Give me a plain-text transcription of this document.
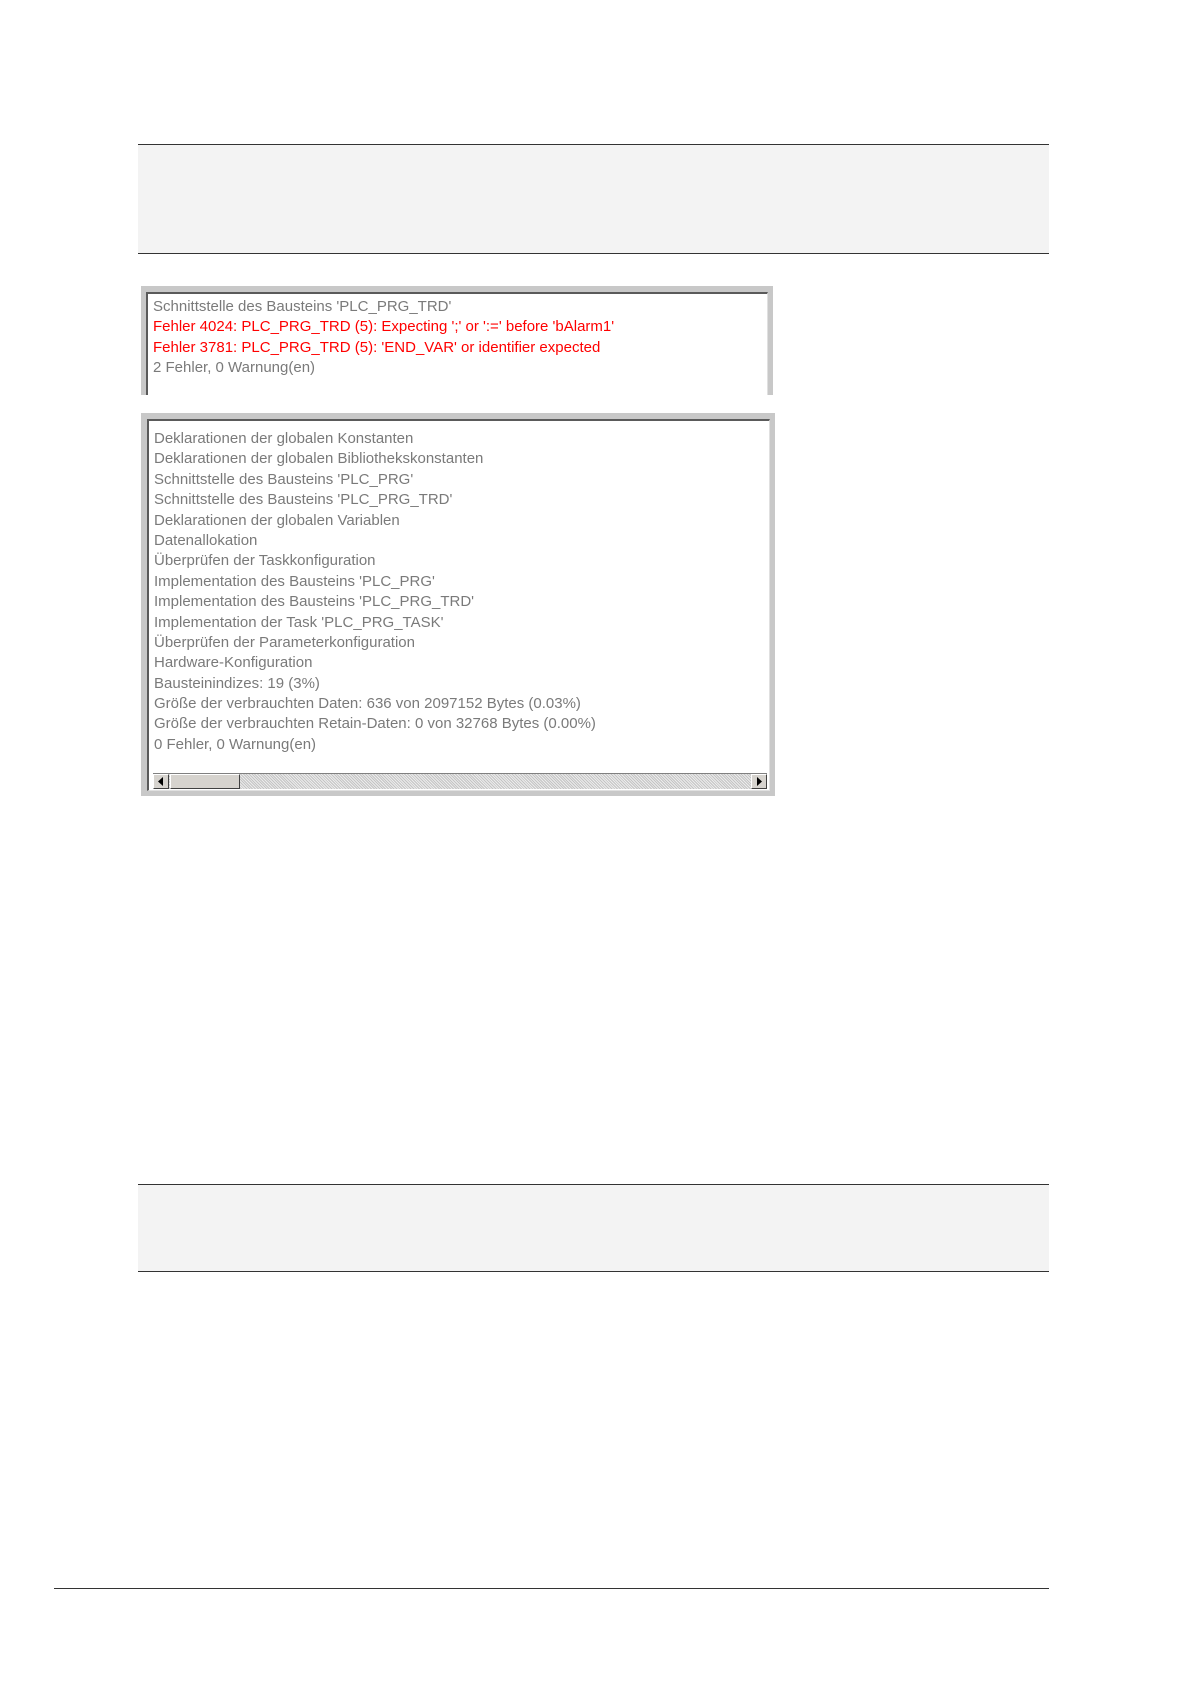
Schnittstelle des Bausteins 'PLC_PRG_TRD'
Fehler 4024: PLC_PRG_TRD (5): Expecting ';' or ':=' before 'bAlarm1'
Fehler 3781: PLC_PRG_TRD (5): 'END_VAR' or identifier expected
2 Fehler, 0 Warnung(en)
Deklarationen der globalen Konstanten
Deklarationen der globalen Bibliothekskonstanten
Schnittstelle des Bausteins 'PLC_PRG'
Schnittstelle des Bausteins 'PLC_PRG_TRD'
Deklarationen der globalen Variablen
Datenallokation
Überprüfen der Taskkonfiguration
Implementation des Bausteins 'PLC_PRG'
Implementation des Bausteins 'PLC_PRG_TRD'
Implementation der Task 'PLC_PRG_TASK'
Überprüfen der Parameterkonfiguration
Hardware-Konfiguration
Bausteinindizes: 19 (3%)
Größe der verbrauchten Daten: 636 von 2097152 Bytes (0.03%)
Größe der verbrauchten Retain-Daten: 0 von 32768 Bytes (0.00%)
0 Fehler, 0 Warnung(en)
